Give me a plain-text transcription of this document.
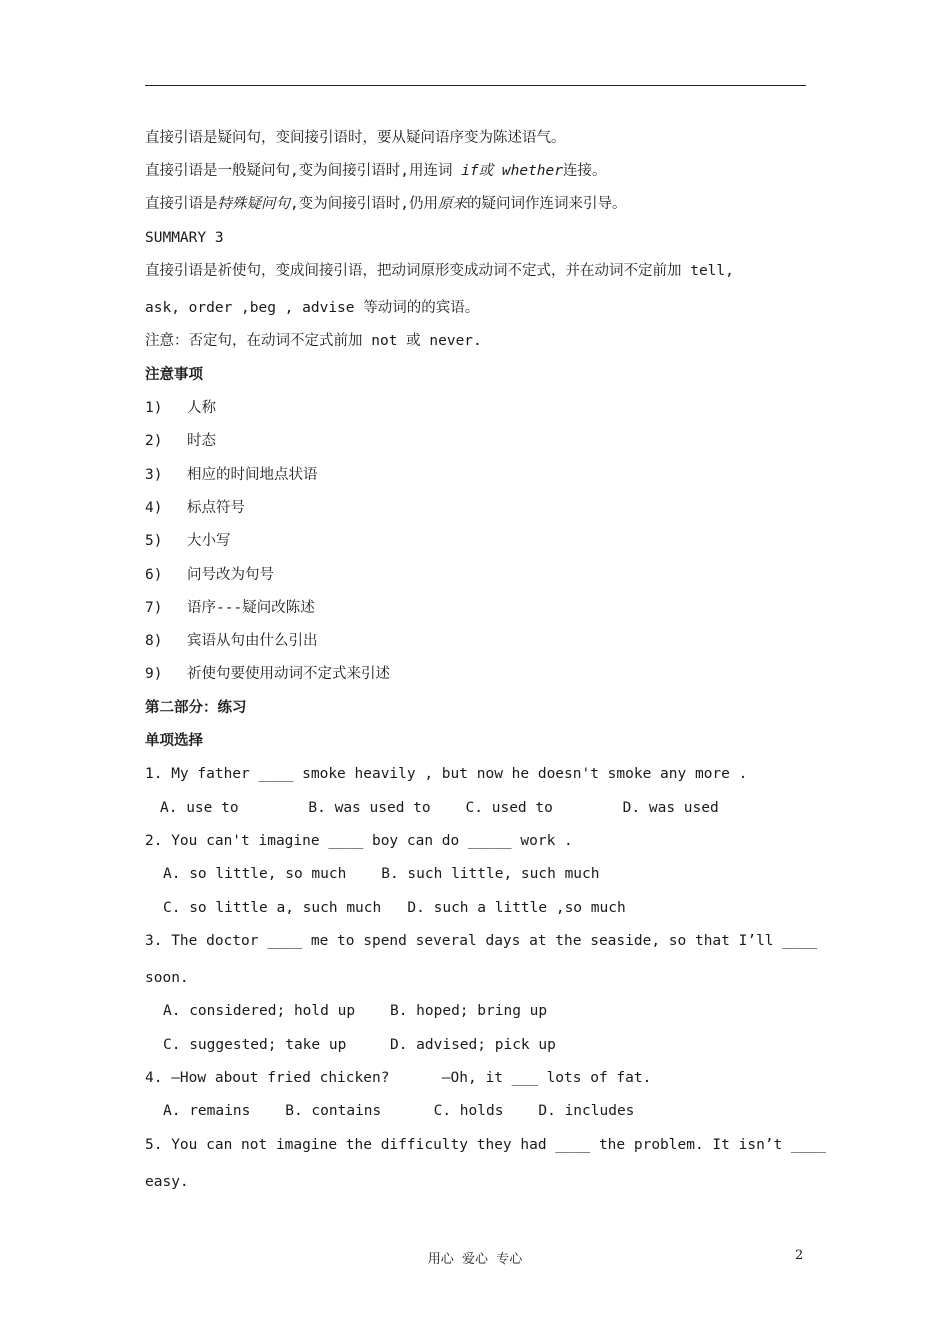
直接引语是疑问句，变间接引语时，要从疑问语序变为陈述语气。
直接引语是一般疑问句,变为间接引语时,用连词 if或 whether连接。
直接引语是特殊疑问句,变为间接引语时,仍用原来的疑问词作连词来引导。
SUMMARY 3
直接引语是祈使句，变成间接引语，把动词原形变成动词不定式，并在动词不定前加 tell,
ask, order ,beg , advise 等动词的的宾语。
注意：否定句，在动词不定式前加 not 或 never.
注意事项
1) 人称
2) 时态
3) 相应的时间地点状语
4) 标点符号
5) 大小写
6) 问号改为句号
7) 语序---疑问改陈述
8) 宾语从句由什么引出
9) 祈使句要使用动词不定式来引述
第二部分：练习
单项选择
1. My father ____ smoke heavily , but now he doesn't smoke any more .
A. use to        B. was used to    C. used to        D. was used
2. You can't imagine ____ boy can do _____ work .
A. so little, so much    B. such little, such much
C. so little a, such much   D. such a little ,so much
3. The doctor ____ me to spend several days at the seaside, so that I’ll ____
soon.
A. considered; hold up    B. hoped; bring up
C. suggested; take up     D. advised; pick up
4. —How about fried chicken?      —Oh, it ___ lots of fat.
A. remains    B. contains      C. holds    D. includes
5. You can not imagine the difficulty they had ____ the problem. It isn’t ____
easy.
用心  爱心  专心	2
